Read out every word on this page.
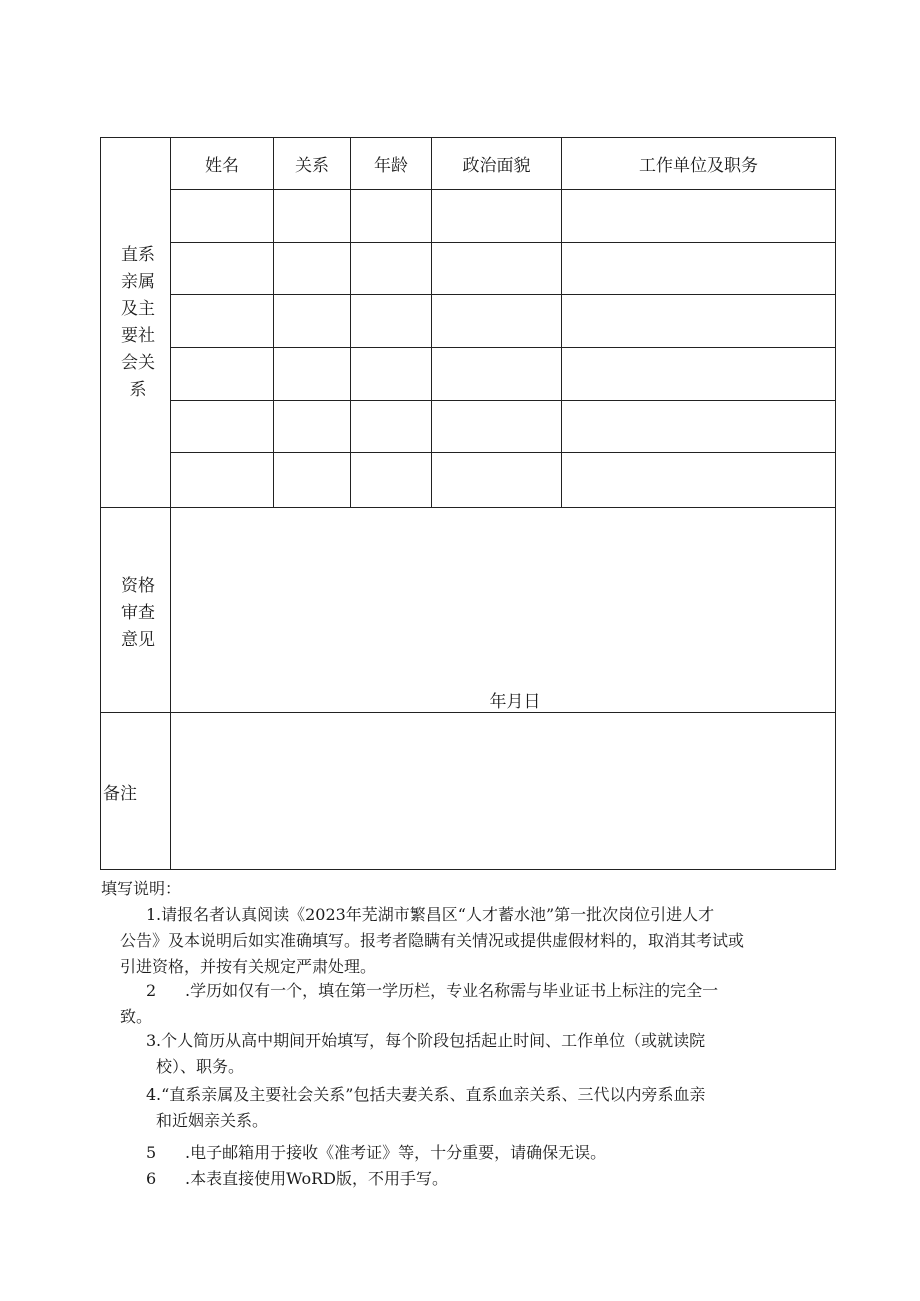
姓名	关系	年龄	政治面貌	工作单位及职务
直系
亲属
及主
要社
会关
系
资格
审查
意见
年月日
备注
填写说明：
1 .请报名者认真阅读《2023年芜湖市繁昌区“人才蓄水池”第一批次岗位引进人才
公告》及本说明后如实准确填写。报考者隐瞒有关情况或提供虚假材料的，取消其考试或
引进资格，并按有关规定严肃处理。
2 .学历如仅有一个，填在第一学历栏，专业名称需与毕业证书上标注的完全一
致。
3 .个人简历从高中期间开始填写，每个阶段包括起止时间、工作单位（或就读院
校）、职务。
4 .“直系亲属及主要社会关系”包括夫妻关系、直系血亲关系、三代以内旁系血亲
和近姻亲关系。
5 .电子邮箱用于接收《准考证》等，十分重要，请确保无误。
6 .本表直接使用WoRD版，不用手写。
